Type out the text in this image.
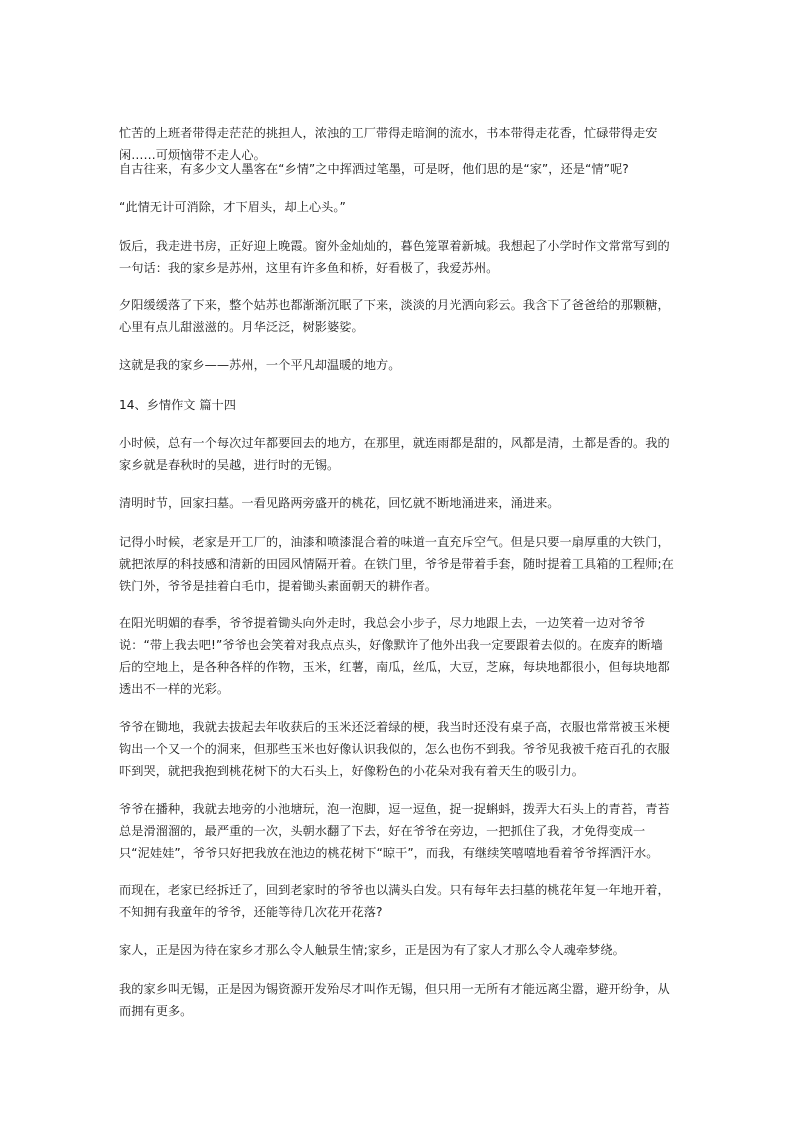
忙苦的上班者带得走茫茫的挑担人，浓浊的工厂带得走暗涧的流水，书本带得走花香，忙碌带得走安闲……可烦恼带不走人心。

自古往来，有多少文人墨客在“乡情”之中挥洒过笔墨，可是呀，他们思的是“家”，还是“情”呢?

“此情无计可消除，才下眉头，却上心头。”

饭后，我走进书房，正好迎上晚霞。窗外金灿灿的，暮色笼罩着新城。我想起了小学时作文常常写到的一句话：我的家乡是苏州，这里有许多鱼和桥，好看极了，我爱苏州。

夕阳缓缓落了下来，整个姑苏也都渐渐沉眠了下来，淡淡的月光洒向彩云。我含下了爸爸给的那颗糖，心里有点儿甜滋滋的。月华泛泛，树影婆娑。

这就是我的家乡——苏州，一个平凡却温暖的地方。

14、乡情作文 篇十四

小时候，总有一个每次过年都要回去的地方，在那里，就连雨都是甜的，风都是清，土都是香的。我的家乡就是春秋时的吴越，进行时的无锡。

清明时节，回家扫墓。一看见路两旁盛开的桃花，回忆就不断地涌进来，涌进来。

记得小时候，老家是开工厂的，油漆和喷漆混合着的味道一直充斥空气。但是只要一扇厚重的大铁门，就把浓厚的科技感和清新的田园风情隔开着。在铁门里，爷爷是带着手套，随时提着工具箱的工程师;在铁门外，爷爷是挂着白毛巾，提着锄头素面朝天的耕作者。

在阳光明媚的春季，爷爷提着锄头向外走时，我总会小步子，尽力地跟上去，一边笑着一边对爷爷说：“带上我去吧!”爷爷也会笑着对我点点头，好像默许了他外出我一定要跟着去似的。在废弃的断墙后的空地上，是各种各样的作物，玉米，红薯，南瓜，丝瓜，大豆，芝麻，每块地都很小，但每块地都透出不一样的光彩。

爷爷在锄地，我就去拔起去年收获后的玉米还泛着绿的梗，我当时还没有桌子高，衣服也常常被玉米梗钩出一个又一个的洞来，但那些玉米也好像认识我似的，怎么也伤不到我。爷爷见我被千疮百孔的衣服吓到哭，就把我抱到桃花树下的大石头上，好像粉色的小花朵对我有着天生的吸引力。

爷爷在播种，我就去地旁的小池塘玩，泡一泡脚，逗一逗鱼，捉一捉蝌蚪，拨弄大石头上的青苔，青苔总是滑溜溜的，最严重的一次，头朝水翻了下去，好在爷爷在旁边，一把抓住了我，才免得变成一只“泥娃娃”，爷爷只好把我放在池边的桃花树下“晾干”，而我，有继续笑嘻嘻地看着爷爷挥洒汗水。

而现在，老家已经拆迁了，回到老家时的爷爷也以满头白发。只有每年去扫墓的桃花年复一年地开着，不知拥有我童年的爷爷，还能等待几次花开花落?

家人，正是因为待在家乡才那么令人触景生情;家乡，正是因为有了家人才那么令人魂牵梦绕。

我的家乡叫无锡，正是因为锡资源开发殆尽才叫作无锡，但只用一无所有才能远离尘嚣，避开纷争，从而拥有更多。
